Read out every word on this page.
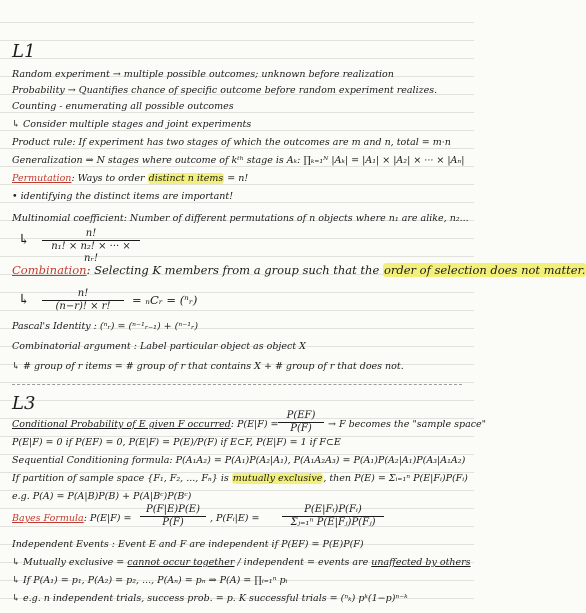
L1
Random experiment → multiple possible outcomes; unknown before realization
Probability → Quantifies chance of specific outcome before random experiment realizes.
Counting - enumerating all possible outcomes
↳ Consider multiple stages and joint experiments
Product rule: If experiment has two stages of which the outcomes are m and n, total = m·n
Generalization ⇒ N stages where outcome of kᵗʰ stage is Aₖ: ∏ₖ₌₁ᴺ |Aₖ| = |A₁| × |A₂| × ··· × |Aₙ|
Permutation: Ways to order distinct n items = n!
• identifying the distinct items are important!
Multinomial coefficient: Number of different permutations of n objects where n₁ are alike, n₂...
↳ $\frac{n!}{\text{n₁! × n₂! × ··· × nᵣ!}}$
Combination: Selecting K members from a group such that the order of selection does not matter.
↳ $\frac{n!}{(n-r)! \times r!}$ = ₙCᵣ = (ⁿᵣ)
Pascal's Identity : (ⁿᵣ) = (ⁿ⁻¹ᵣ₋₁) + (ⁿ⁻¹ᵣ)
Combinatorial argument : Label particular object as object X
↳ # group of r items = # group of r that contains X + # group of r that does not.
L3
Conditional Probability of E given F occurred: $P(E|F) = \frac{P(EF)}{P(F)} \to F$ becomes the "sample space"
P(E|F) = 0 if P(EF) = 0, P(E|F) = P(E)/P(F) if E⊂F, P(E|F) = 1 if F⊂E
Sequential Conditioning formula: P(A₁A₂) = P(A₁)P(A₂|A₁), P(A₁A₂A₃) = P(A₁)P(A₂|A₁)P(A₃|A₁A₂)
If partition of sample space {F₁, F₂, ..., Fₙ} is mutually exclusive, then P(E) = Σᵢ₌₁ⁿ P(E|Fᵢ)P(Fᵢ)
e.g. P(A) = P(A|B)P(B) + P(A|Bᶜ)P(Bᶜ)
Bayes Formula: $P(E|F) = \frac{P(F|E)P(E)}{P(F)}$ , P(Fᵢ|E) =	$\frac{\text{P(E|Fᵢ)P(Fᵢ)}}{\text{Σⱼ₌₁ⁿ P(E|Fⱼ)P(Fⱼ)}}$
Independent Events : Event E and F are independent if P(EF) = P(E)P(F)
↳ Mutually exclusive = cannot occur together / independent = events are unaffected by others
↳ If P(A₁) = p₁, P(A₂) = p₂, ..., P(Aₙ) = pₙ ⇒ P(A) = ∏ᵢ₌₁ⁿ pᵢ
↳ e.g. n independent trials, success prob. = p. K successful trials = (ⁿₖ) pᵏ(1−p)ⁿ⁻ᵏ
